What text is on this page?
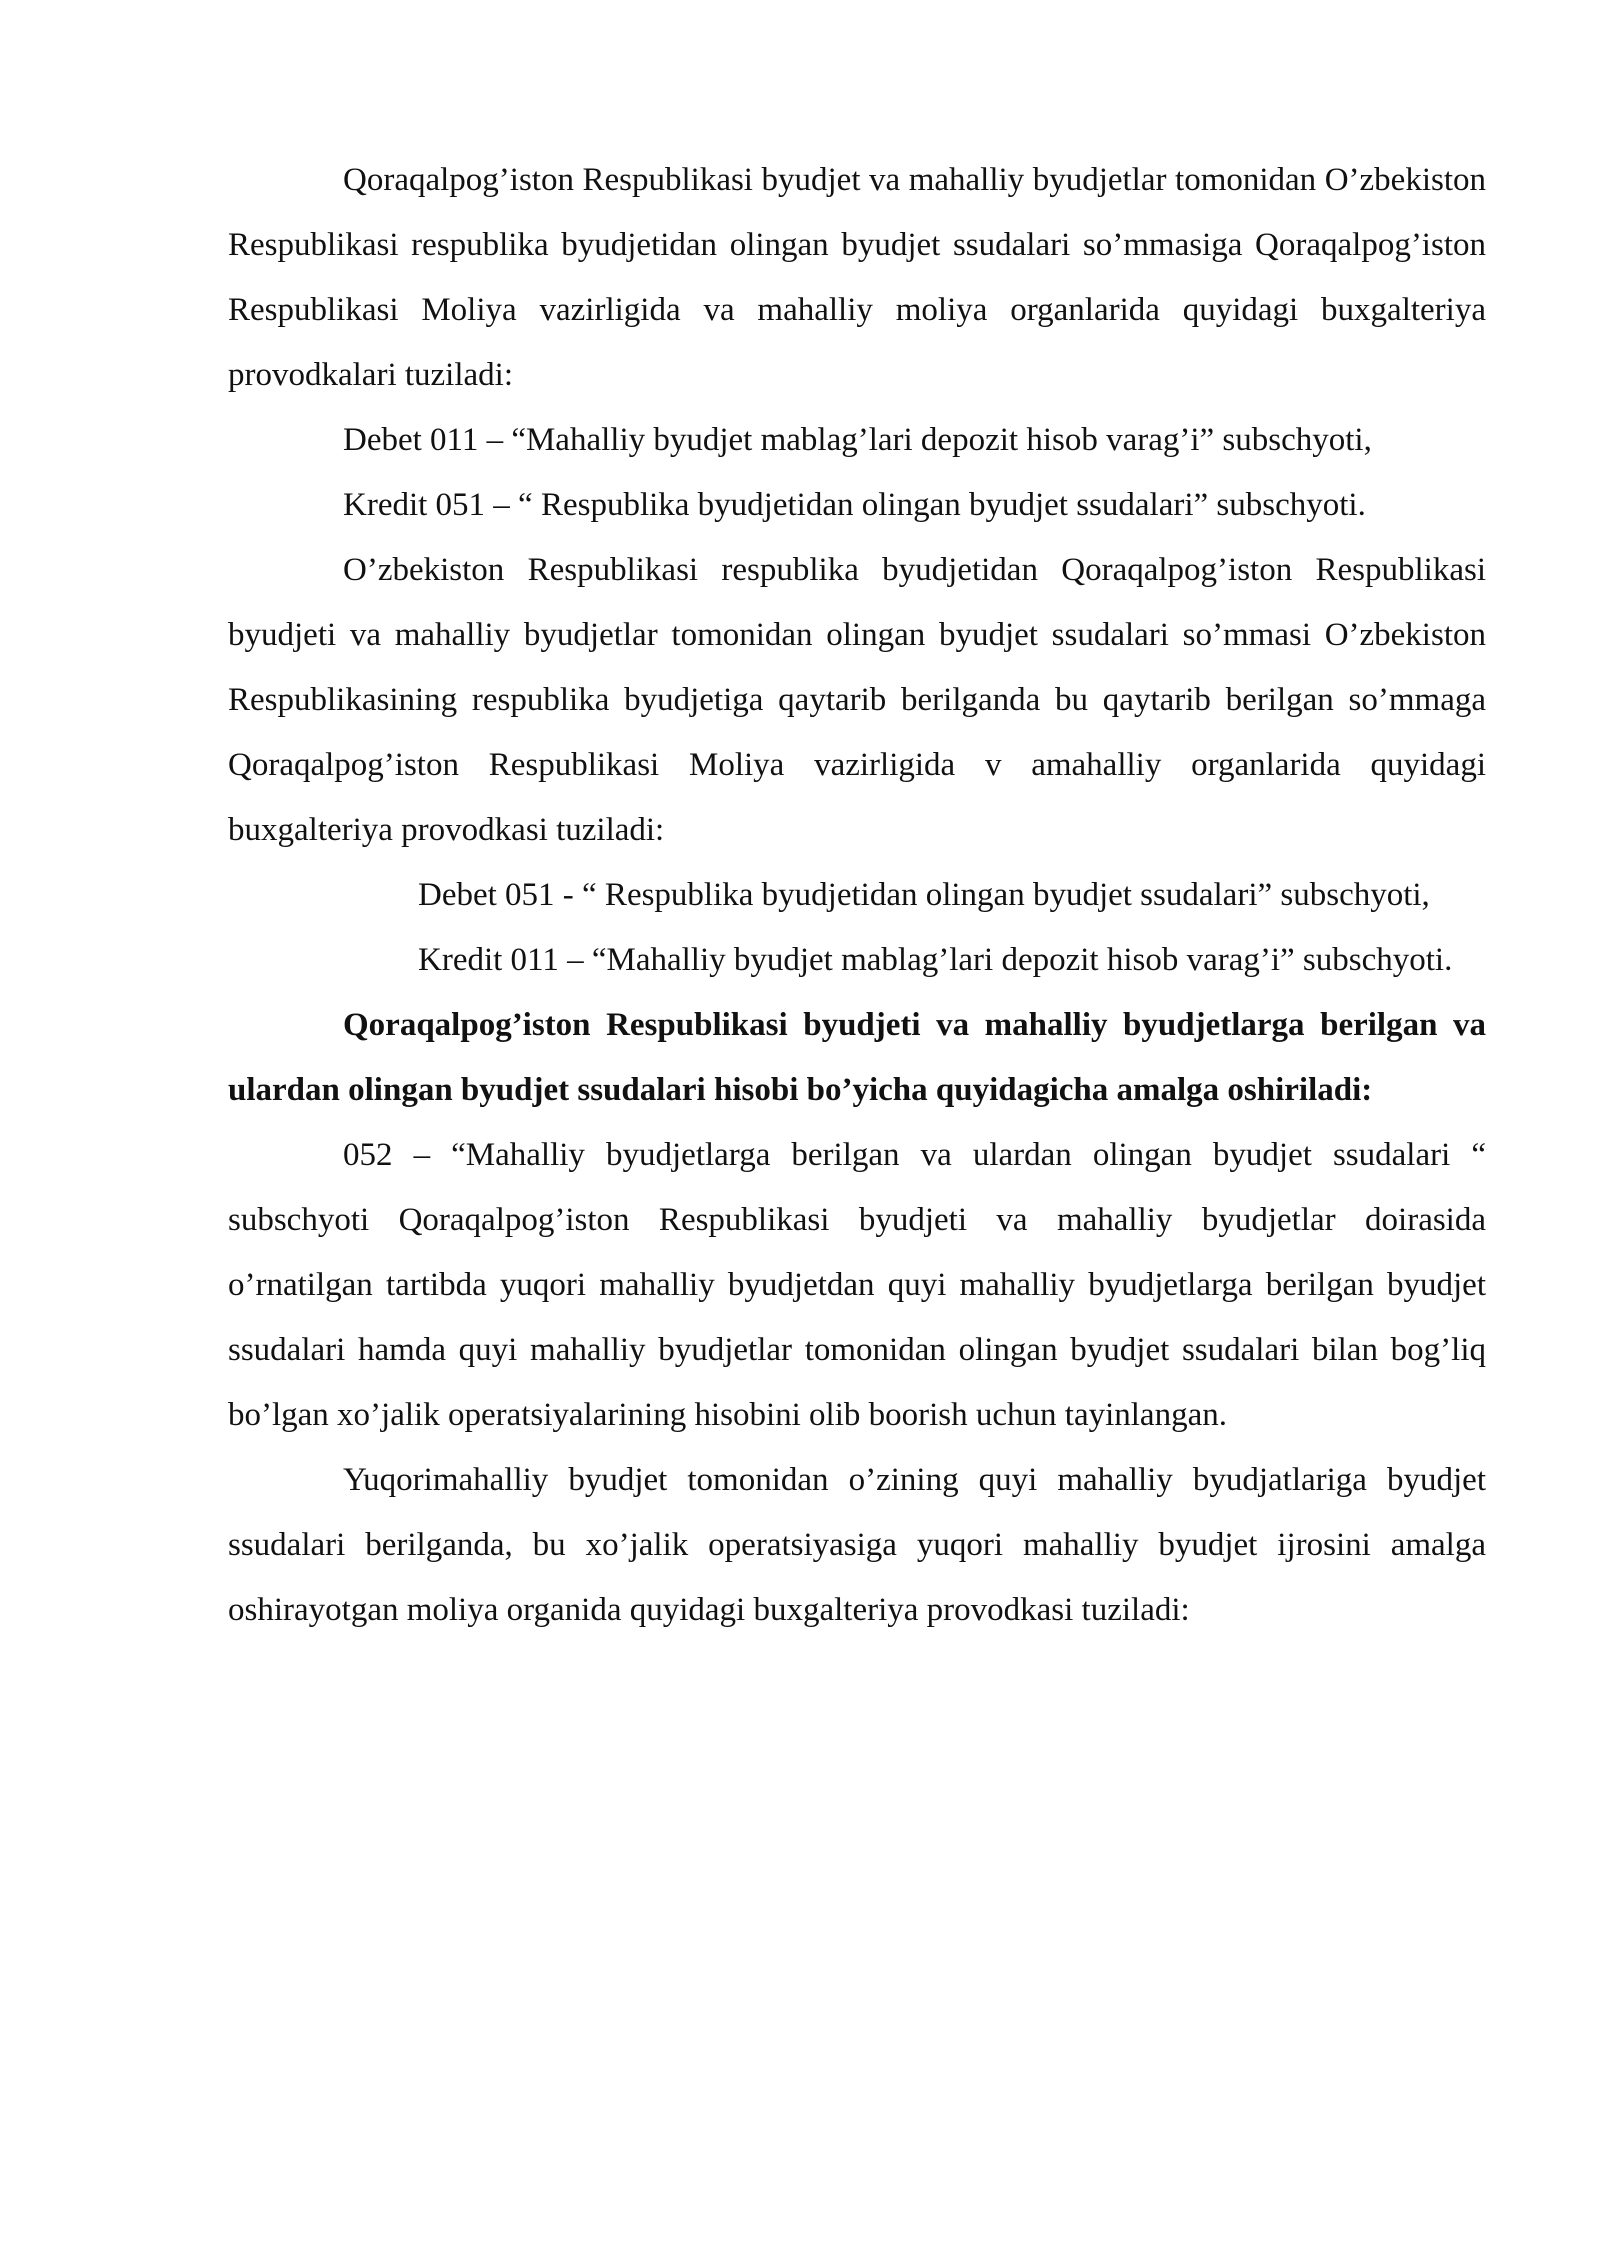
Qoraqalpog’iston Respublikasi byudjet va mahalliy byudjetlar tomonidan O’zbekiston Respublikasi respublika byudjetidan olingan byudjet ssudalari so’mmasiga Qoraqalpog’iston Respublikasi Moliya vazirligida va mahalliy moliya organlarida quyidagi buxgalteriya provodkalari tuziladi:

Debet 011 – “Mahalliy byudjet mablag’lari depozit hisob varag’i” subschyoti,

Kredit 051 – “ Respublika byudjetidan olingan byudjet ssudalari” subschyoti.

O’zbekiston Respublikasi respublika byudjetidan Qoraqalpog’iston Respublikasi byudjeti va mahalliy byudjetlar tomonidan olingan byudjet ssudalari so’mmasi O’zbekiston Respublikasining respublika byudjetiga qaytarib berilganda bu qaytarib berilgan so’mmaga Qoraqalpog’iston Respublikasi Moliya vazirligida v amahalliy organlarida quyidagi buxgalteriya provodkasi tuziladi:

Debet 051 - “ Respublika byudjetidan olingan byudjet ssudalari” subschyoti,

Kredit 011 – “Mahalliy byudjet mablag’lari depozit hisob varag’i” subschyoti.

Qoraqalpog’iston Respublikasi byudjeti va mahalliy byudjetlarga berilgan va ulardan olingan byudjet ssudalari hisobi bo’yicha quyidagicha amalga oshiriladi:

052 – “Mahalliy byudjetlarga berilgan va ulardan olingan byudjet ssudalari “ subschyoti Qoraqalpog’iston Respublikasi byudjeti va mahalliy byudjetlar doirasida o’rnatilgan tartibda yuqori mahalliy byudjetdan quyi mahalliy byudjetlarga berilgan byudjet ssudalari hamda quyi mahalliy byudjetlar tomonidan olingan byudjet ssudalari bilan bog’liq bo’lgan xo’jalik operatsiyalarining hisobini olib boorish uchun tayinlangan.

Yuqorimahalliy byudjet tomonidan o’zining quyi mahalliy byudjatlariga byudjet ssudalari berilganda, bu xo’jalik operatsiyasiga yuqori mahalliy byudjet ijrosini amalga oshirayotgan moliya organida quyidagi buxgalteriya provodkasi tuziladi:
